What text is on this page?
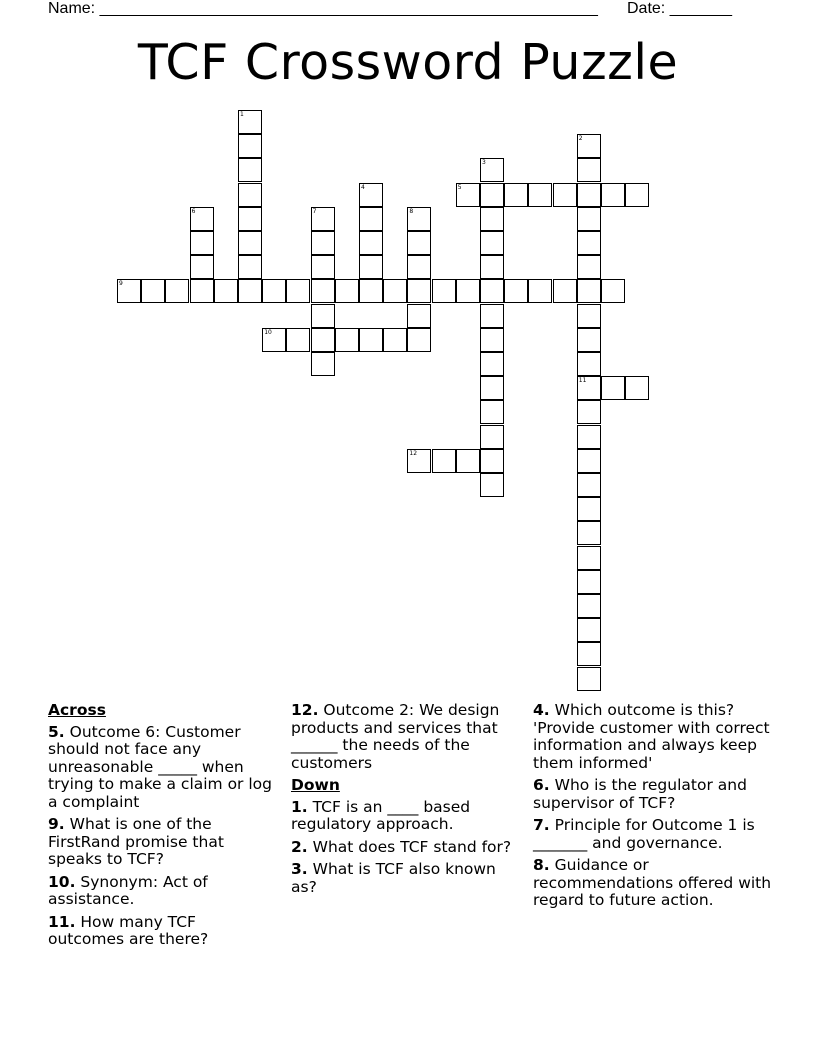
Name: ________________________________________________________ Date: _______
TCF Crossword Puzzle
1
2
3
4	5
6	7	8
9
10
11
12
Across
5. Outcome 6: Customer should not face any unreasonable _____ when trying to make a claim or log a complaint
9. What is one of the FirstRand promise that speaks to TCF?
10. Synonym: Act of assistance.
11. How many TCF outcomes are there?
12. Outcome 2: We design products and services that ______ the needs of the customers
Down
1. TCF is an ____ based regulatory approach.
2. What does TCF stand for?
3. What is TCF also known as?
4. Which outcome is this? 'Provide customer with correct information and always keep them informed'
6. Who is the regulator and supervisor of TCF?
7. Principle for Outcome 1 is _______ and governance.
8. Guidance or recommendations offered with regard to future action.
